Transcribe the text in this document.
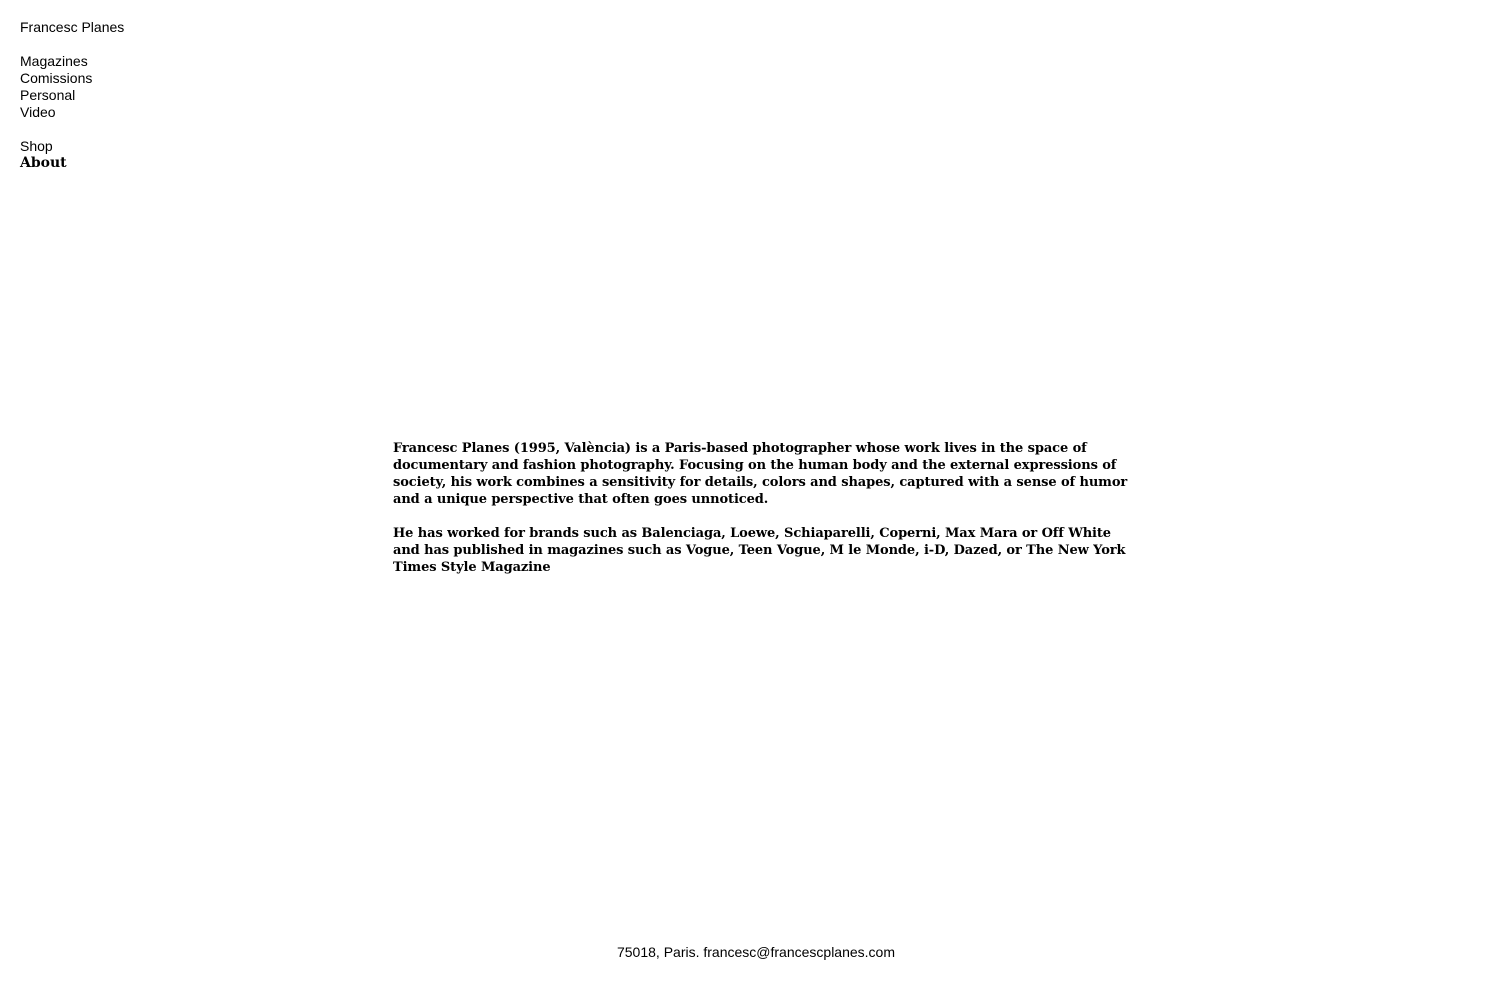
Francesc Planes
Magazines
Comissions
Personal
Video
Shop
About

Francesc Planes (1995, València) is a Paris-based photographer whose work lives in the space of documentary and fashion photography. Focusing on the human body and the external expressions of society, his work combines a sensitivity for details, colors and shapes, captured with a sense of humor and a unique perspective that often goes unnoticed.

He has worked for brands such as Balenciaga, Loewe, Schiaparelli, Coperni, Max Mara or Off White and has published in magazines such as Vogue, Teen Vogue, M le Monde, i-D, Dazed, or The New York Times Style Magazine

75018, Paris. francesc@francescplanes.com
